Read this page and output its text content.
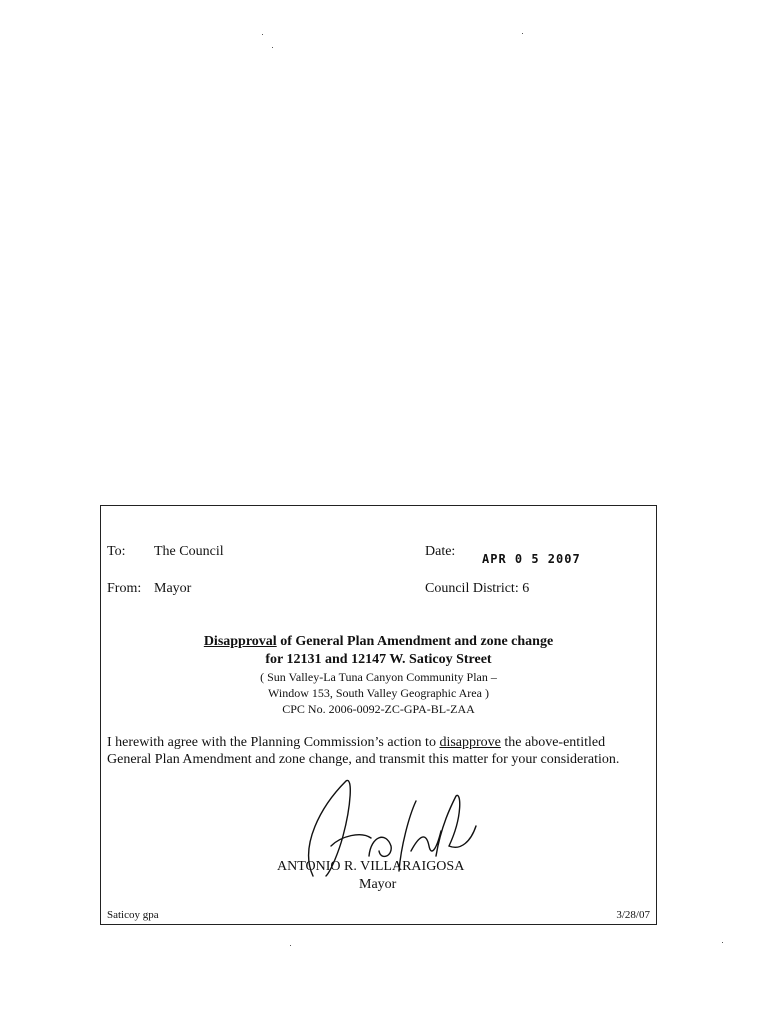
To: The Council	Date: APR 0 5 2007
From: Mayor	Council District: 6
Disapproval of General Plan Amendment and zone change
for 12131 and 12147 W. Saticoy Street
( Sun Valley-La Tuna Canyon Community Plan –
Window 153, South Valley Geographic Area )
CPC No. 2006-0092-ZC-GPA-BL-ZAA
I herewith agree with the Planning Commission’s action to disapprove the above-entitled General Plan Amendment and zone change, and transmit this matter for your consideration.
ANTONIO R. VILLARAIGOSA
Mayor
Saticoy gpa	3/28/07
